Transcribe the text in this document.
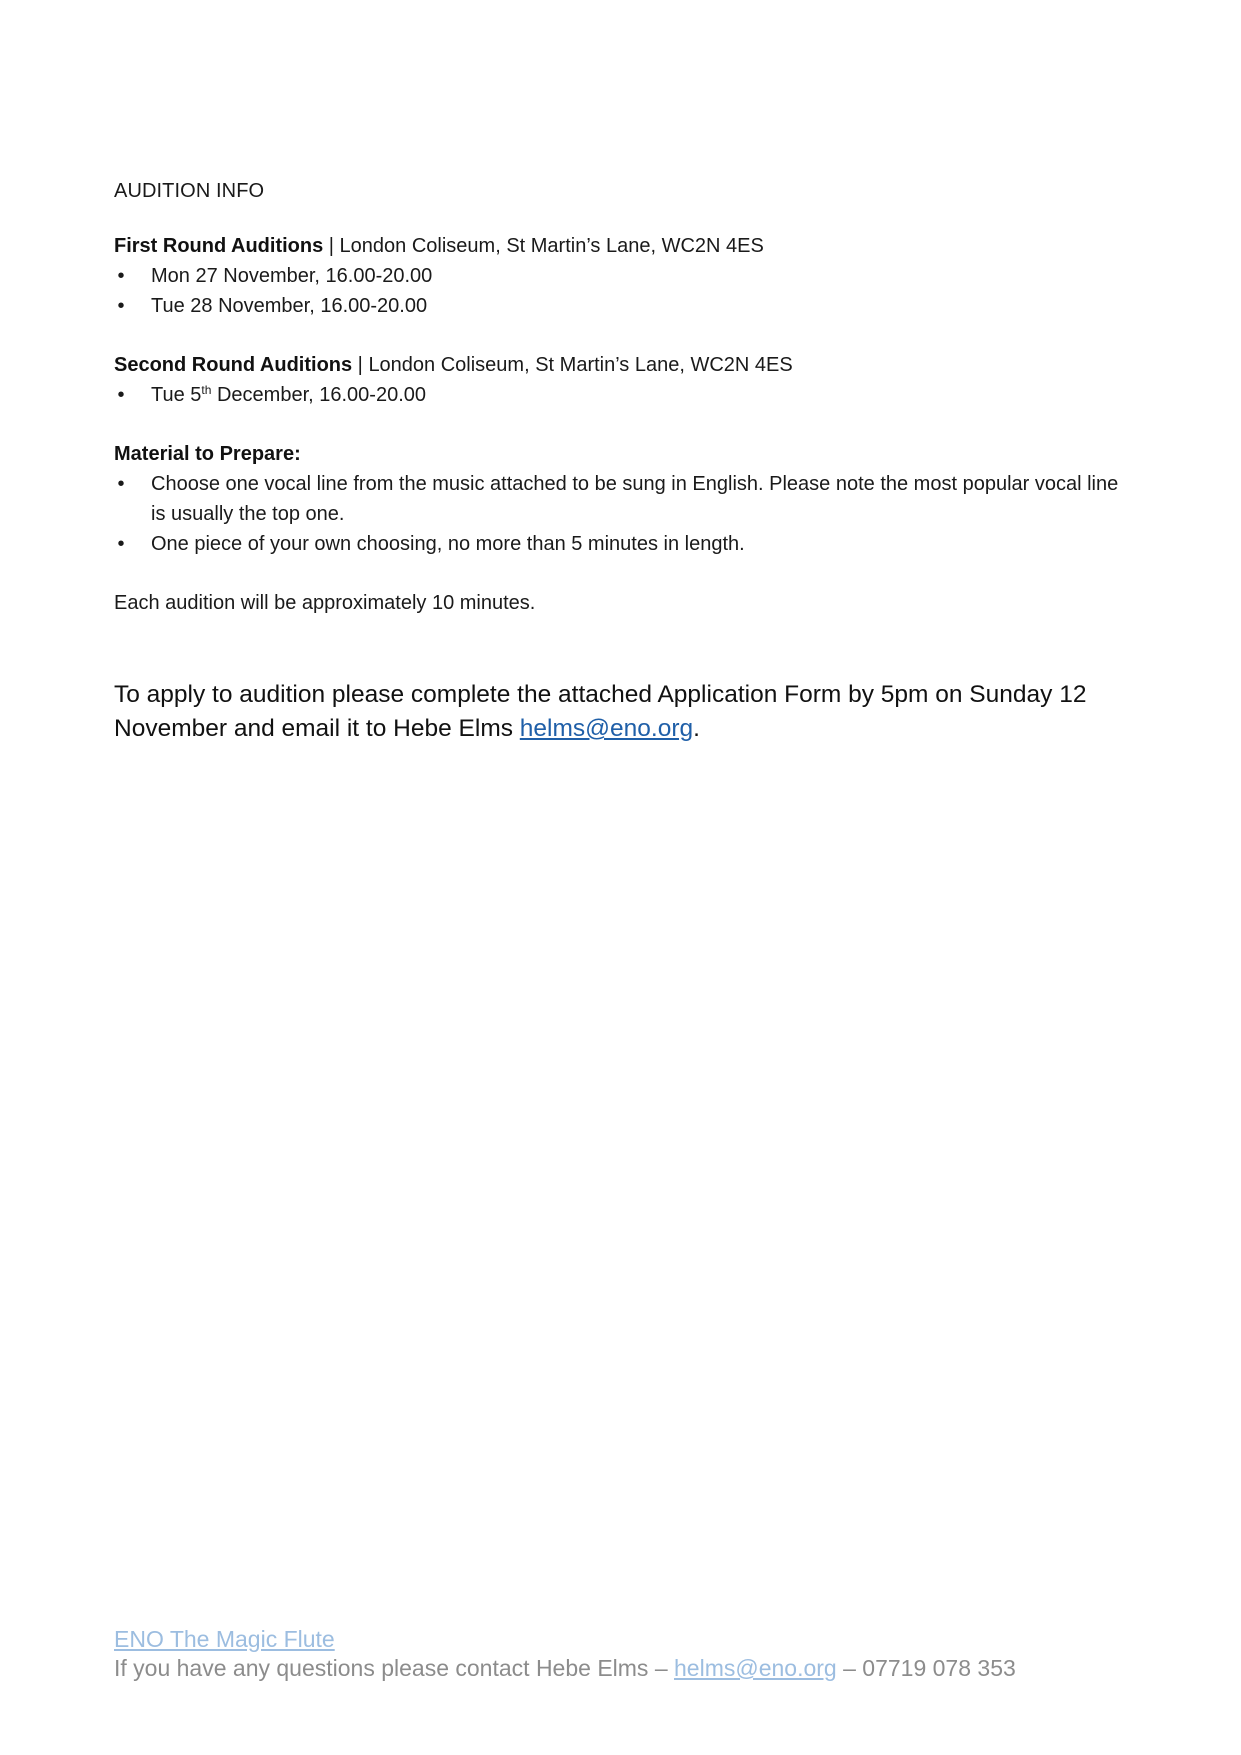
AUDITION INFO

First Round Auditions | London Coliseum, St Martin’s Lane, WC2N 4ES

• Mon 27 November, 16.00-20.00
• Tue 28 November, 16.00-20.00

Second Round Auditions | London Coliseum, St Martin’s Lane, WC2N 4ES

• Tue 5th December, 16.00-20.00

Material to Prepare:

• Choose one vocal line from the music attached to be sung in English. Please note the most popular vocal line is usually the top one.
• One piece of your own choosing, no more than 5 minutes in length.

Each audition will be approximately 10 minutes.

To apply to audition please complete the attached Application Form by 5pm on Sunday 12 November and email it to Hebe Elms helms@eno.org.

ENO The Magic Flute
If you have any questions please contact Hebe Elms – helms@eno.org – 07719 078 353
